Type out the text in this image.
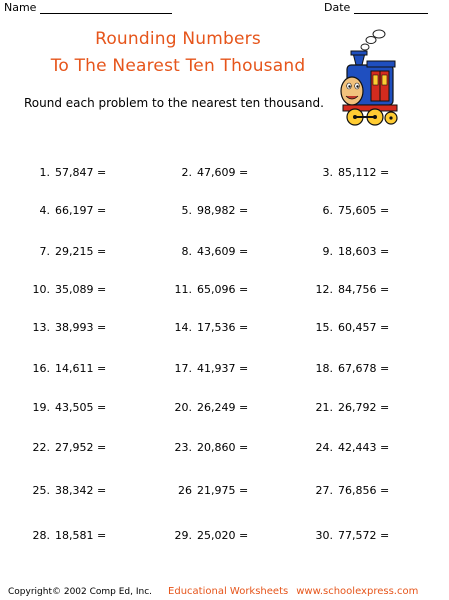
Name	Date
Rounding Numbers
To The Nearest Ten Thousand
Round each problem to the nearest ten thousand.
1. 57,847 =	2. 47,609 =	3. 85,112 =
4. 66,197 =	5. 98,982 =	6. 75,605 =
7. 29,215 =	8. 43,609 =	9. 18,603 =
10. 35,089 =	11. 65,096 =	12. 84,756 =
13. 38,993 =	14. 17,536 =	15. 60,457 =
16. 14,611 =	17. 41,937 =	18. 67,678 =
19. 43,505 =	20. 26,249 =	21. 26,792 =
22. 27,952 =	23. 20,860 =	24. 42,443 =
25. 38,342 =	26 21,975 =	27. 76,856 =
28. 18,581 =	29. 25,020 =	30. 77,572 =
Copyright© 2002 Comp Ed, Inc. Educational Worksheets www.schoolexpress.com
